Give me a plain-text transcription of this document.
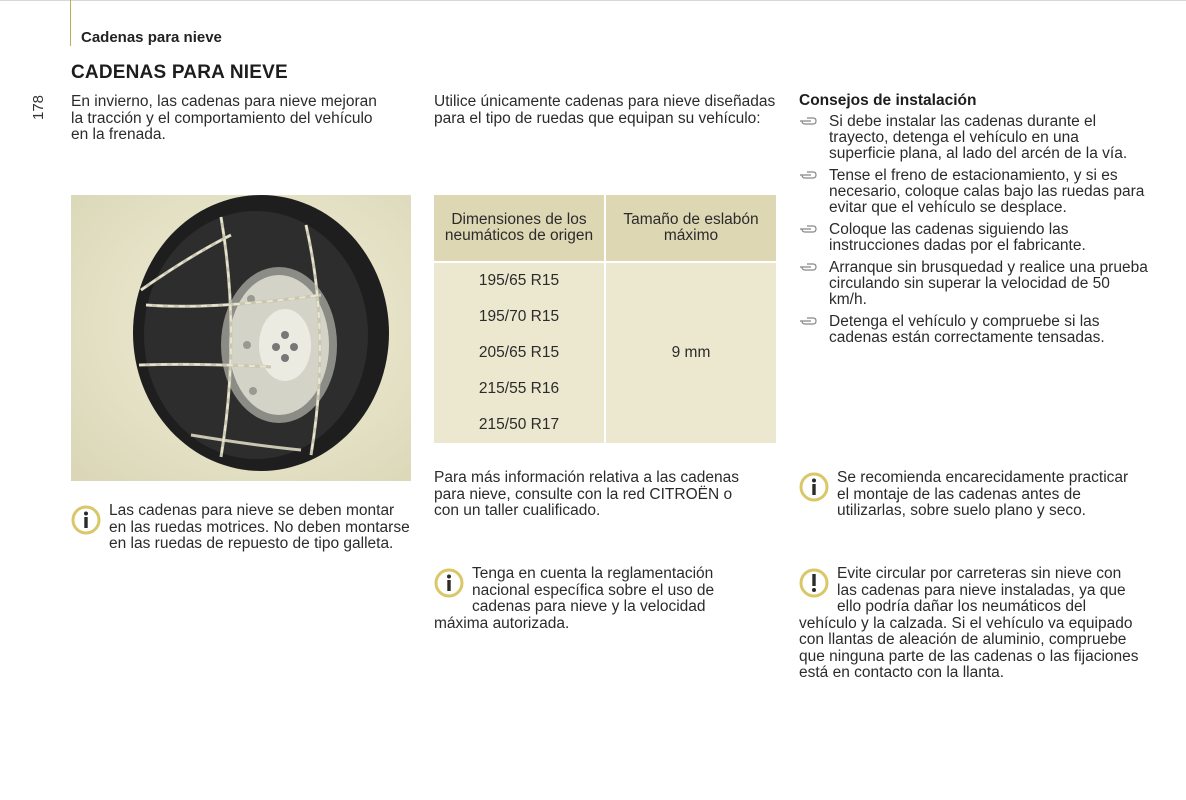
Cadenas para nieve
178
CADENAS PARA NIEVE

En invierno, las cadenas para nieve mejoran la tracción y el comportamiento del vehículo en la frenada.

Utilice únicamente cadenas para nieve diseñadas para el tipo de ruedas que equipan su vehículo:

Consejos de instalación
Si debe instalar las cadenas durante el trayecto, detenga el vehículo en una superficie plana, al lado del arcén de la vía.
Tense el freno de estacionamiento, y si es necesario, coloque calas bajo las ruedas para evitar que el vehículo se desplace.
Coloque las cadenas siguiendo las instrucciones dadas por el fabricante.
Arranque sin brusquedad y realice una prueba circulando sin superar la velocidad de 50 km/h.
Detenga el vehículo y compruebe si las cadenas están correctamente tensadas.
Dimensiones de los neumáticos de origen	Tamaño de eslabón máximo
195/65 R15	9 mm
195/70 R15	
205/65 R15	
215/55 R16	
215/50 R17	
Las cadenas para nieve se deben montar en las ruedas motrices. No deben montarse en las ruedas de repuesto de tipo galleta.

Para más información relativa a las cadenas para nieve, consulte con la red CITROËN o con un taller cualificado.

Tenga en cuenta la reglamentación nacional específica sobre el uso de cadenas para nieve y la velocidad máxima autorizada.
Se recomienda encarecidamente practicar el montaje de las cadenas antes de utilizarlas, sobre suelo plano y seco.
Evite circular por carreteras sin nieve con las cadenas para nieve instaladas, ya que ello podría dañar los neumáticos del vehículo y la calzada. Si el vehículo va equipado con llantas de aleación de aluminio, compruebe que ninguna parte de las cadenas o las fijaciones está en contacto con la llanta.
